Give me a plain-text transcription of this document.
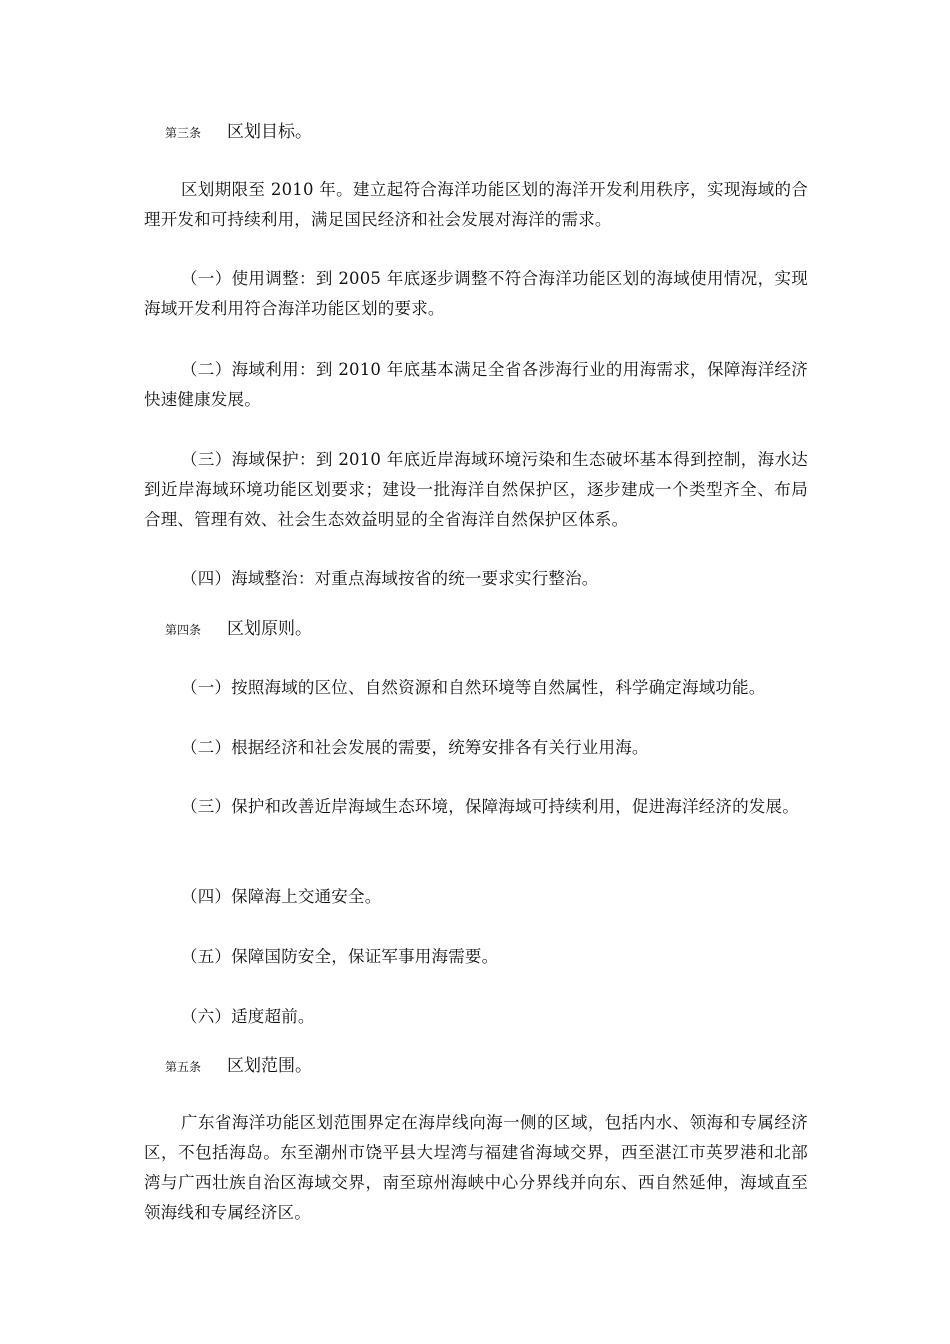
第三条 区划目标。
区划期限至 2010 年。建立起符合海洋功能区划的海洋开发利用秩序，实现海域的合理开发和可持续利用，满足国民经济和社会发展对海洋的需求。
（一）使用调整：到 2005 年底逐步调整不符合海洋功能区划的海域使用情况，实现海域开发利用符合海洋功能区划的要求。
（二）海域利用：到 2010 年底基本满足全省各涉海行业的用海需求，保障海洋经济快速健康发展。
（三）海域保护：到 2010 年底近岸海域环境污染和生态破坏基本得到控制，海水达到近岸海域环境功能区划要求；建设一批海洋自然保护区，逐步建成一个类型齐全、布局合理、管理有效、社会生态效益明显的全省海洋自然保护区体系。
（四）海域整治：对重点海域按省的统一要求实行整治。
第四条 区划原则。
（一）按照海域的区位、自然资源和自然环境等自然属性，科学确定海域功能。
（二）根据经济和社会发展的需要，统筹安排各有关行业用海。
（三）保护和改善近岸海域生态环境，保障海域可持续利用，促进海洋经济的发展。
（四）保障海上交通安全。
（五）保障国防安全，保证军事用海需要。
（六）适度超前。
第五条 区划范围。
广东省海洋功能区划范围界定在海岸线向海一侧的区域，包括内水、领海和专属经济区，不包括海岛。东至潮州市饶平县大埕湾与福建省海域交界，西至湛江市英罗港和北部湾与广西壮族自治区海域交界，南至琼州海峡中心分界线并向东、西自然延伸，海域直至领海线和专属经济区。
